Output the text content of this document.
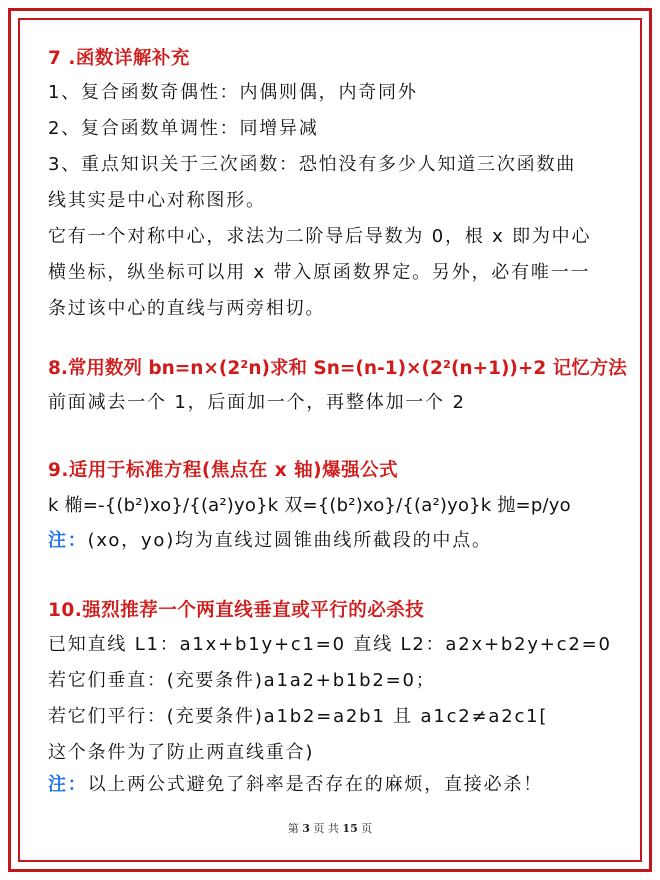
7 .函数详解补充
1、复合函数奇偶性：内偶则偶，内奇同外
2、复合函数单调性：同增异减
3、重点知识关于三次函数：恐怕没有多少人知道三次函数曲
线其实是中心对称图形。
它有一个对称中心，求法为二阶导后导数为 0，根 x 即为中心
横坐标，纵坐标可以用 x 带入原函数界定。另外，必有唯一一
条过该中心的直线与两旁相切。
8.常用数列 bn=n×(2²n)求和 Sn=(n-1)×(2²(n+1))+2 记忆方法
前面减去一个 1，后面加一个，再整体加一个 2
9.适用于标准方程(焦点在 x 轴)爆强公式
k 椭=-{(b²)xo}/{(a²)yo}k 双={(b²)xo}/{(a²)yo}k 抛=p/yo
注：(xo，yo)均为直线过圆锥曲线所截段的中点。
10.强烈推荐一个两直线垂直或平行的必杀技
已知直线 L1：a1x+b1y+c1=0 直线 L2：a2x+b2y+c2=0
若它们垂直：(充要条件)a1a2+b1b2=0；
若它们平行：(充要条件)a1b2=a2b1 且 a1c2≠a2c1[
这个条件为了防止两直线重合)
注：以上两公式避免了斜率是否存在的麻烦，直接必杀！
第 3 页 共 15 页
